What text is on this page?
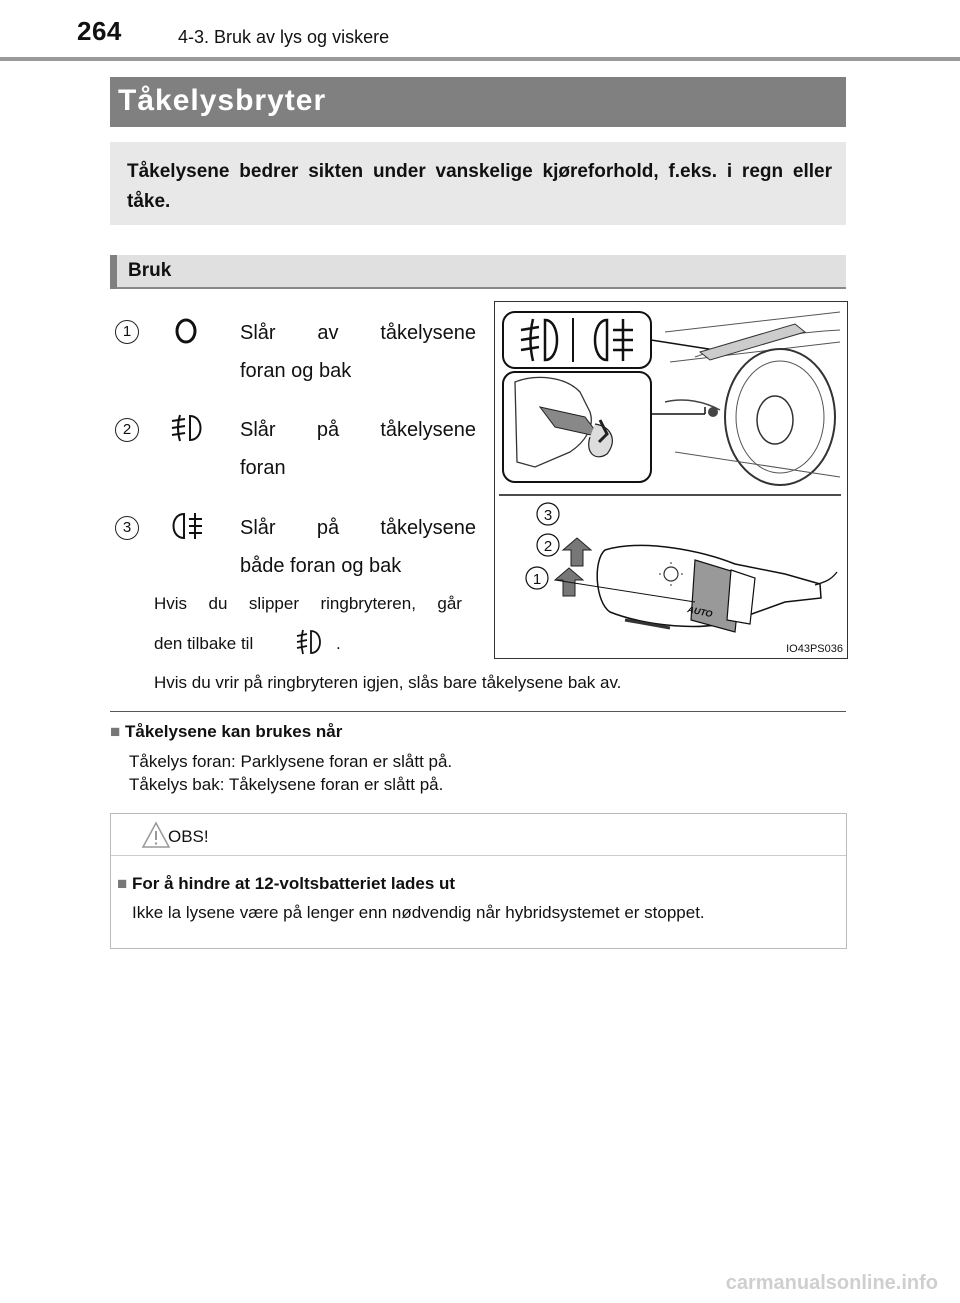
264	4-3. Bruk av lys og viskere
Tåkelysbryter

Tåkelysene bedrer sikten under vanskelige kjøreforhold, f.eks. i regn eller tåke.

Bruk
1	Slår av tåkelysene
foran og bak
2	Slår på tåkelysene
foran
3	Slår på tåkelysene
både foran og bak
Hvis du slipper ringbryteren, går
den tilbake til	.
AUTO
3
2
1
IO43PS036
Hvis du vrir på ringbryteren igjen, slås bare tåkelysene bak av.
■ Tåkelysene kan brukes når
Tåkelys foran: Parklysene foran er slått på.
Tåkelys bak: Tåkelysene foran er slått på.
OBS!
■ For å hindre at 12-voltsbatteriet lades ut
Ikke la lysene være på lenger enn nødvendig når hybridsystemet er stoppet.
carmanualsonline.info
